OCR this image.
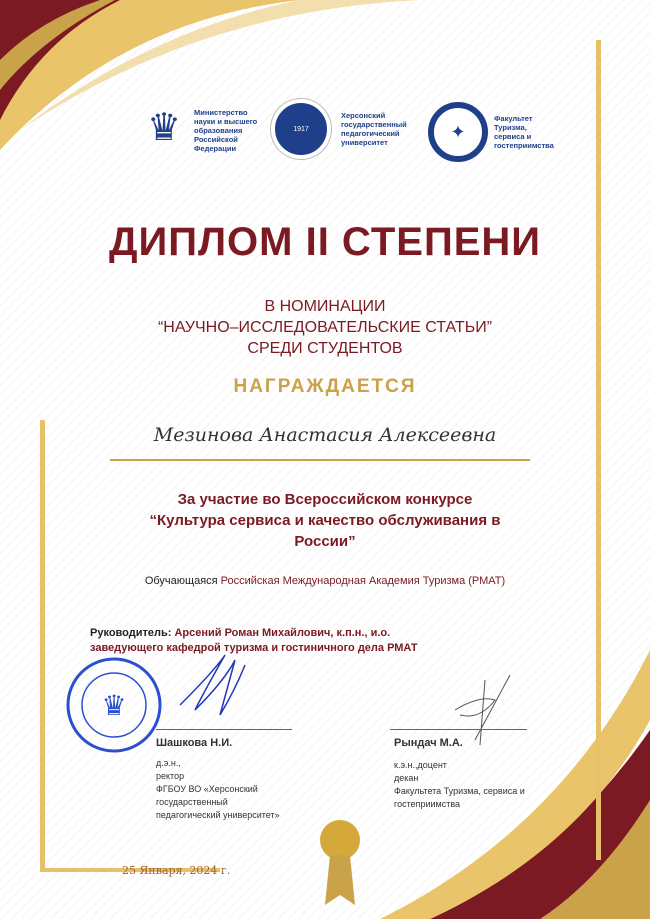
♛	Министерство
науки и высшего
образования
Российской
Федерации
1917
Херсонский
государственный
педагогический
университет
✦
Факультет
Туризма,
сервиса и
гостеприимства
ДИПЛОМ II СТЕПЕНИ
В НОМИНАЦИИ
“НАУЧНО–ИССЛЕДОВАТЕЛЬСКИЕ СТАТЬИ”
СРЕДИ СТУДЕНТОВ
НАГРАЖДАЕТСЯ
Мезинова Анастасия Алексеевна
За участие во Всероссийском конкурсе
“Культура сервиса и качество обслуживания в
России”
Обучающаяся Российская Международная Академия Туризма (РМАТ)
Руководитель: Арсений Роман Михайлович, к.п.н., и.о.
заведующего кафедрой туризма и гостиничного дела РМАТ
♛
Шашкова Н.И.
д.э.н.,
ректор
ФГБОУ ВО «Херсонский
государственный
педагогический университет»
Рындач М.А.
к.э.н.,доцент
декан
Факультета Туризма, сервиса и
гостеприимства
25 Января, 2024 г.
